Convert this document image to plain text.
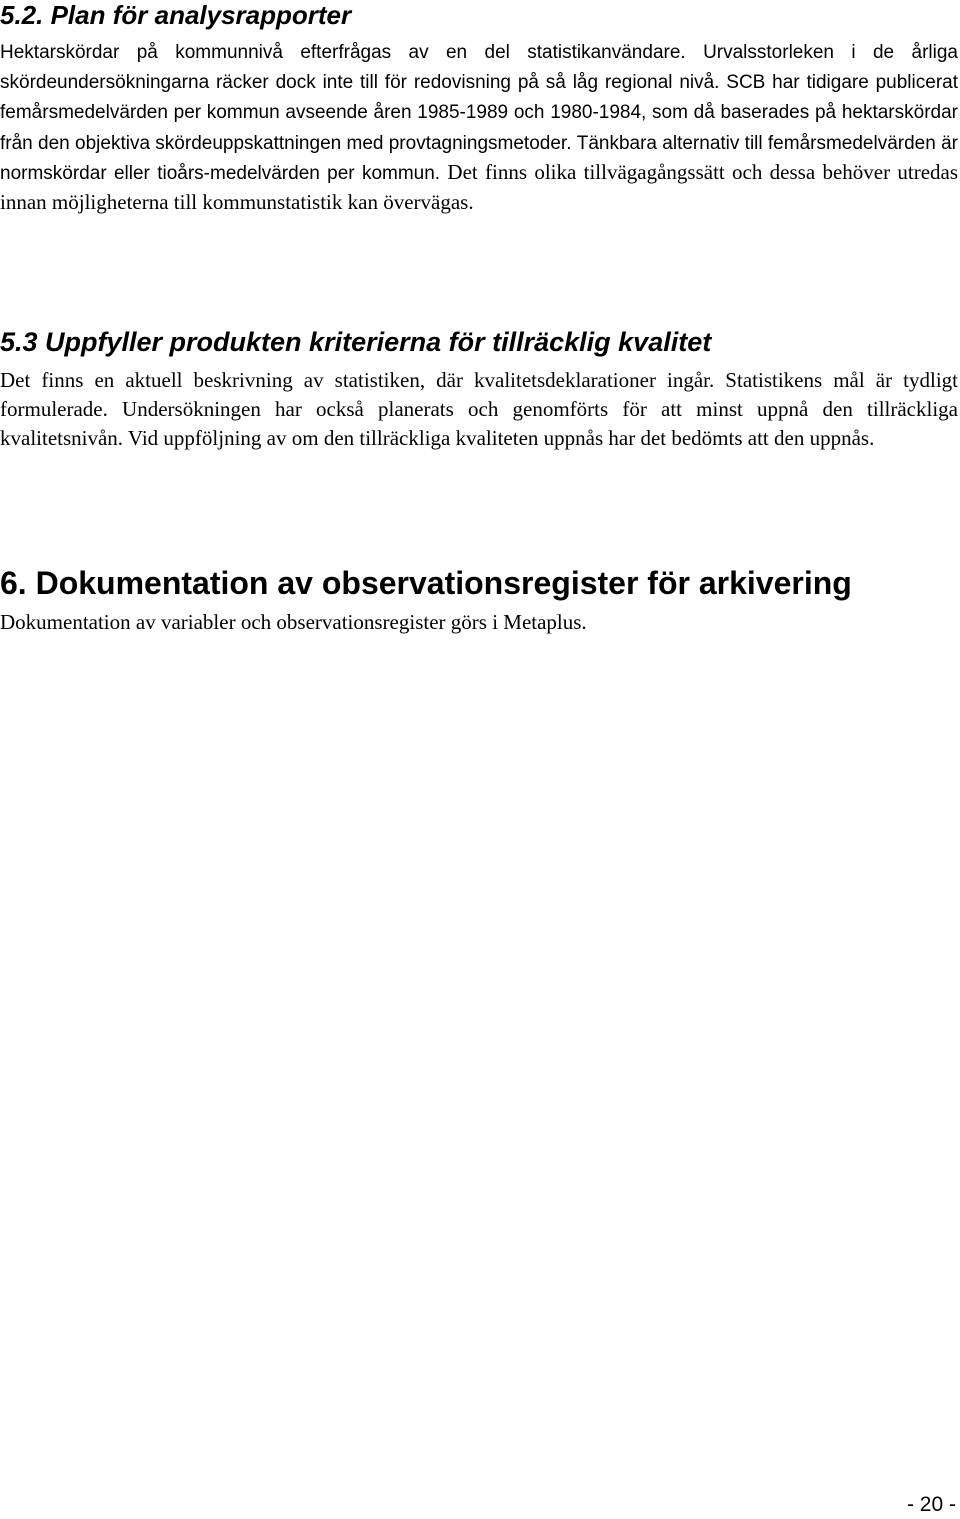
5.2. Plan för analysrapporter

Hektarskördar på kommunnivå efterfrågas av en del statistikanvändare. Urvalsstorleken i de årliga skördeundersökningarna räcker dock inte till för redovisning på så låg regional nivå. SCB har tidigare publicerat femårsmedelvärden per kommun avseende åren 1985-1989 och 1980-1984, som då baserades på hektarskördar från den objektiva skördeuppskattningen med provtagningsmetoder. Tänkbara alternativ till femårsmedelvärden är normskördar eller tioårs-medelvärden per kommun. Det finns olika tillvägagångssätt och dessa behöver utredas innan möjligheterna till kommunstatistik kan övervägas.

5.3 Uppfyller produkten kriterierna för tillräcklig kvalitet

Det finns en aktuell beskrivning av statistiken, där kvalitetsdeklarationer ingår. Statistikens mål är tydligt formulerade. Undersökningen har också planerats och genomförts för att minst uppnå den tillräckliga kvalitetsnivån. Vid uppföljning av om den tillräckliga kvaliteten uppnås har det bedömts att den uppnås.

6. Dokumentation av observationsregister för arkivering

Dokumentation av variabler och observationsregister görs i Metaplus.

- 20 -
